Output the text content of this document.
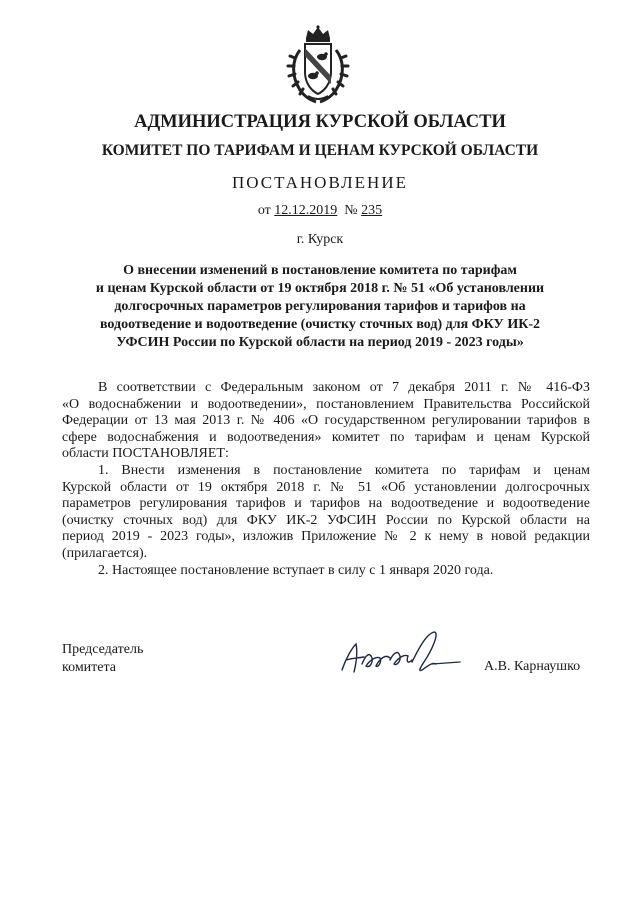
АДМИНИСТРАЦИЯ КУРСКОЙ ОБЛАСТИ
КОМИТЕТ ПО ТАРИФАМ И ЦЕНАМ КУРСКОЙ ОБЛАСТИ
ПОСТАНОВЛЕНИЕ
от 12.12.2019 № 235
г. Курск
О внесении изменений в постановление комитета по тарифам
и ценам Курской области от 19 октября 2018 г. № 51 «Об установлении
долгосрочных параметров регулирования тарифов и тарифов на
водоотведение и водоотведение (очистку сточных вод) для ФКУ ИК-2
УФСИН России по Курской области на период 2019 - 2023 годы»
В соответствии с Федеральным законом от 7 декабря 2011 г. № 416-ФЗ
«О водоснабжении и водоотведении», постановлением Правительства Российской
Федерации от 13 мая 2013 г. № 406 «О государственном регулировании тарифов в
сфере водоснабжения и водоотведения» комитет по тарифам и ценам Курской
области ПОСТАНОВЛЯЕТ:
1. Внести изменения в постановление комитета по тарифам и ценам
Курской области от 19 октября 2018 г. № 51 «Об установлении долгосрочных
параметров регулирования тарифов и тарифов на водоотведение и водоотведение
(очистку сточных вод) для ФКУ ИК-2 УФСИН России по Курской области на
период 2019 - 2023 годы», изложив Приложение № 2 к нему в новой редакции
(прилагается).
2. Настоящее постановление вступает в силу с 1 января 2020 года.
Председатель
комитета	А.В. Карнаушко
